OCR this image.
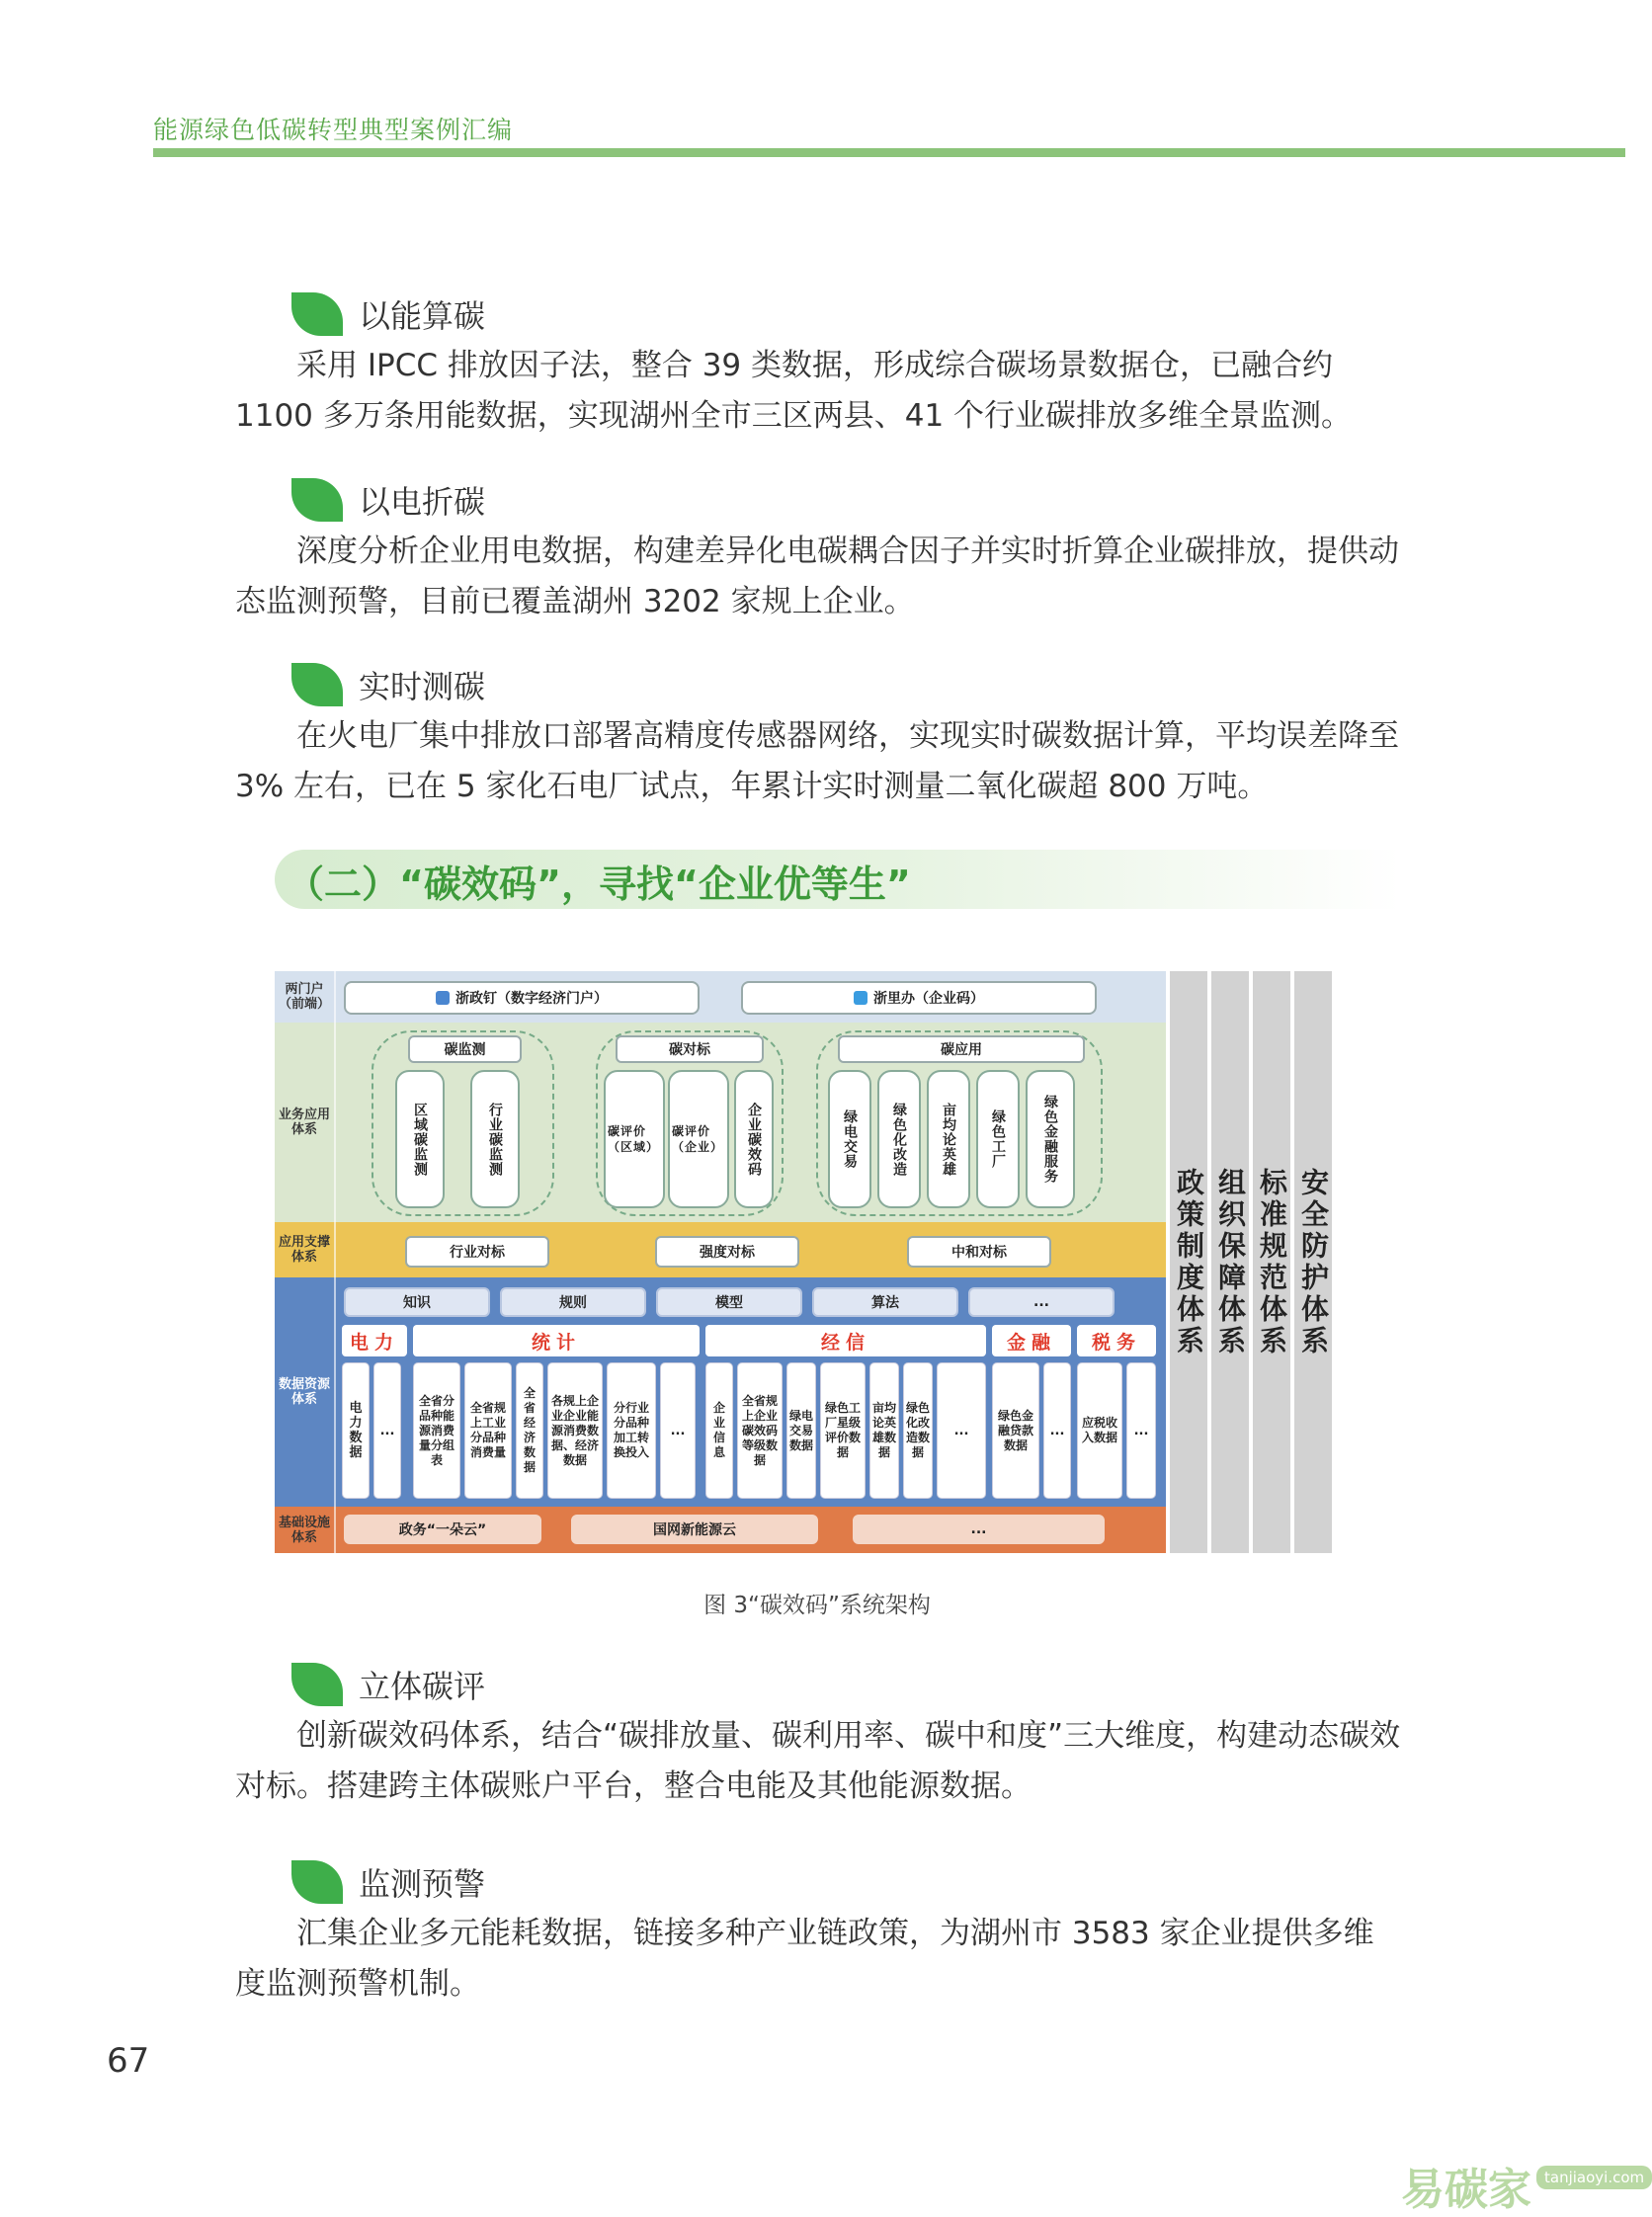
能源绿色低碳转型典型案例汇编
以能算碳
采用 IPCC 排放因子法，整合 39 类数据，形成综合碳场景数据仓，已融合约 1100 多万条用能数据，实现湖州全市三区两县、41 个行业碳排放多维全景监测。
以电折碳
深度分析企业用电数据，构建差异化电碳耦合因子并实时折算企业碳排放，提供动态监测预警，目前已覆盖湖州 3202 家规上企业。
实时测碳
在火电厂集中排放口部署高精度传感器网络，实现实时碳数据计算，平均误差降至 3% 左右，已在 5 家化石电厂试点，年累计实时测量二氧化碳超 800 万吨。
（二）“碳效码”，寻找“企业优等生”
两门户（前端）
业务应用体系
应用支撑体系
数据资源体系
基础设施体系
浙政钉（数字经济门户）	浙里办（企业码）
碳监测
区域碳监测	行业碳监测
碳对标
碳评价（区域）
碳评价（企业）	企业碳效码
碳应用
绿电交易	绿色化改造	亩均论英雄	绿色工厂	绿色金融服务
行业对标	强度对标	中和对标
知识	规则	模型	算法	...
电力	统计	经信	金融	税务
电力数据
...
全省分品种能源消费量分组表
全省规上工业分品种消费量
全省经济数据
各规上企业企业能源消费数据、经济数据
分行业分品种加工转换投入
...
企业信息
全省规上企业碳效码等级数据
绿电交易数据
绿色工厂星级评价数据
亩均论英雄数据
绿色化改造数据
...
绿色金融贷款数据
...
应税收入数据	...
政务“一朵云”	国网新能源云	...
政策制度体系 组织保障体系 标准规范体系 安全防护体系
图 3“碳效码”系统架构
立体碳评
创新碳效码体系，结合“碳排放量、碳利用率、碳中和度”三大维度，构建动态碳效对标。搭建跨主体碳账户平台，整合电能及其他能源数据。
监测预警
汇集企业多元能耗数据，链接多种产业链政策，为湖州市 3583 家企业提供多维度监测预警机制。
67
易碳家 tanjiaoyi.com
